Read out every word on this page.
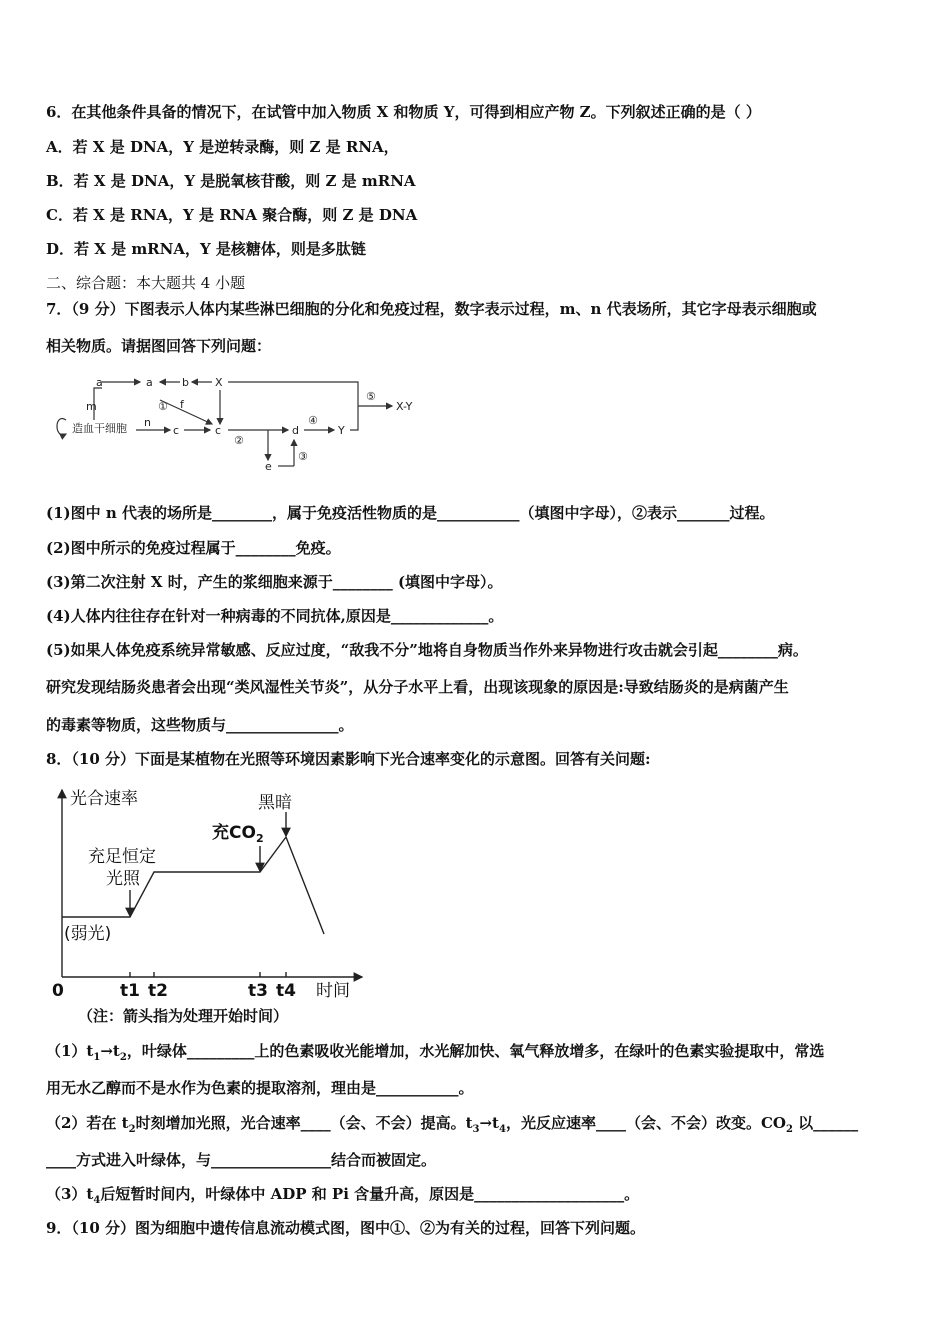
6．在其他条件具备的情况下，在试管中加入物质 X 和物质 Y，可得到相应产物 Z。下列叙述正确的是（ ）
A．若 X 是 DNA，Y 是逆转录酶，则 Z 是 RNA，
B．若 X 是 DNA，Y 是脱氧核苷酸，则 Z 是 mRNA
C．若 X 是 RNA，Y 是 RNA 聚合酶，则 Z 是 DNA
D．若 X 是 mRNA，Y 是核糖体，则是多肽链
二、综合题：本大题共 4 小题
7．（9 分）下图表示人体内某些淋巴细胞的分化和免疫过程，数字表示过程，m、n 代表场所，其它字母表示细胞或
相关物质。请据图回答下列问题：
造血干细胞
a	a	b X
f
m
n
c	c	d
e
Y
X-Y
①
②
③
④
⑤
(1)图中 n 代表的场所是________，属于免疫活性物质的是___________（填图中字母），②表示_______过程。
(2)图中所示的免疫过程属于________免疫。
(3)第二次注射 X 时，产生的浆细胞来源于________ (填图中字母）。
(4)人体内往往存在针对一种病毒的不同抗体,原因是_____________。
(5)如果人体免疫系统异常敏感、反应过度，“敌我不分”地将自身物质当作外来异物进行攻击就会引起________病。
研究发现结肠炎患者会出现“类风湿性关节炎”，从分子水平上看，出现该现象的原因是:导致结肠炎的是病菌产生
的毒素等物质，这些物质与_______________。
8．（10 分）下面是某植物在光照等环境因素影响下光合速率变化的示意图。回答有关问题:
光合速率
时间
0	t1 t2	t3 t4
(弱光)
充足恒定
光照
充$CO_2$
黑暗
（注：箭头指为处理开始时间）
$(1)t_1\to t_2$，叶绿体_________上的色素吸收光能增加，水光解加快、氧气释放增多，在绿叶的色素实验提取中，常选
用无水乙醇而不是水作为色素的提取溶剂，理由是___________。
（2）若在 $t_2$时刻增加光照，光合速率____（会、不会）提高。$t_3\to t_4$，光反应速率____（会、不会）改变。$CO_2$ 以______
____方式进入叶绿体，与________________结合而被固定。
$(3)t_4$后短暂时间内，叶绿体中 ADP 和 Pi 含量升高，原因是____________________。
9．（10 分）图为细胞中遗传信息流动模式图，图中①、②为有关的过程，回答下列问题。
